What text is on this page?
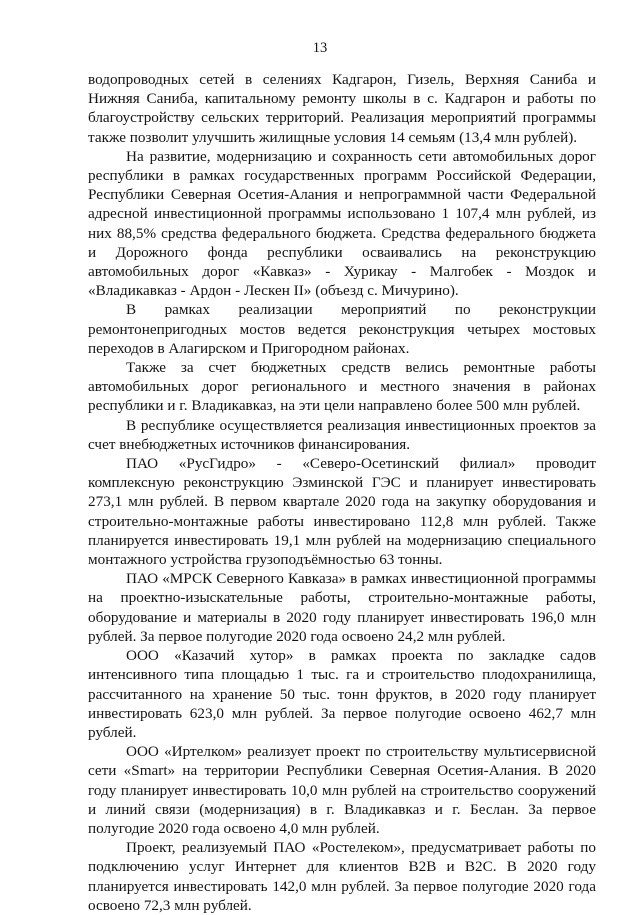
13

водопроводных сетей в селениях Кадгарон, Гизель, Верхняя Саниба и Нижняя Саниба, капитальному ремонту школы в с. Кадгарон и работы по благоустройству сельских территорий. Реализация мероприятий программы также позволит улучшить жилищные условия 14 семьям (13,4 млн рублей).

На развитие, модернизацию и сохранность сети автомобильных дорог республики в рамках государственных программ Российской Федерации, Республики Северная Осетия-Алания и непрограммной части Федеральной адресной инвестиционной программы использовано 1 107,4 млн рублей, из них 88,5% средства федерального бюджета. Средства федерального бюджета и Дорожного фонда республики осваивались на реконструкцию автомобильных дорог «Кавказ» - Хурикау - Малгобек - Моздок и «Владикавказ - Ардон - Лескен II» (объезд с. Мичурино).

В рамках реализации мероприятий по реконструкции ремонтонепригодных мостов ведется реконструкция четырех мостовых переходов в Алагирском и Пригородном районах.

Также за счет бюджетных средств велись ремонтные работы автомобильных дорог регионального и местного значения в районах республики и г. Владикавказ, на эти цели направлено более 500 млн рублей.

В республике осуществляется реализация инвестиционных проектов за счет внебюджетных источников финансирования.

ПАО «РусГидро» - «Северо-Осетинский филиал» проводит комплексную реконструкцию Эзминской ГЭС и планирует инвестировать 273,1 млн рублей. В первом квартале 2020 года на закупку оборудования и строительно-монтажные работы инвестировано 112,8 млн рублей. Также планируется инвестировать 19,1 млн рублей на модернизацию специального монтажного устройства грузоподъёмностью 63 тонны.

ПАО «МРСК Северного Кавказа» в рамках инвестиционной программы на проектно-изыскательные работы, строительно-монтажные работы, оборудование и материалы в 2020 году планирует инвестировать 196,0 млн рублей. За первое полугодие 2020 года освоено 24,2 млн рублей.

ООО «Казачий хутор» в рамках проекта по закладке садов интенсивного типа площадью 1 тыс. га и строительство плодохранилища, рассчитанного на хранение 50 тыс. тонн фруктов, в 2020 году планирует инвестировать 623,0 млн рублей. За первое полугодие освоено 462,7 млн рублей.

ООО «Иртелком» реализует проект по строительству мультисервисной сети «Smart» на территории Республики Северная Осетия-Алания. В 2020 году планирует инвестировать 10,0 млн рублей на строительство сооружений и линий связи (модернизация) в г. Владикавказ и г. Беслан. За первое полугодие 2020 года освоено 4,0 млн рублей.

Проект, реализуемый ПАО «Ростелеком», предусматривает работы по подключению услуг Интернет для клиентов B2B и B2C. В 2020 году планируется инвестировать 142,0 млн рублей. За первое полугодие 2020 года освоено 72,3 млн рублей.
